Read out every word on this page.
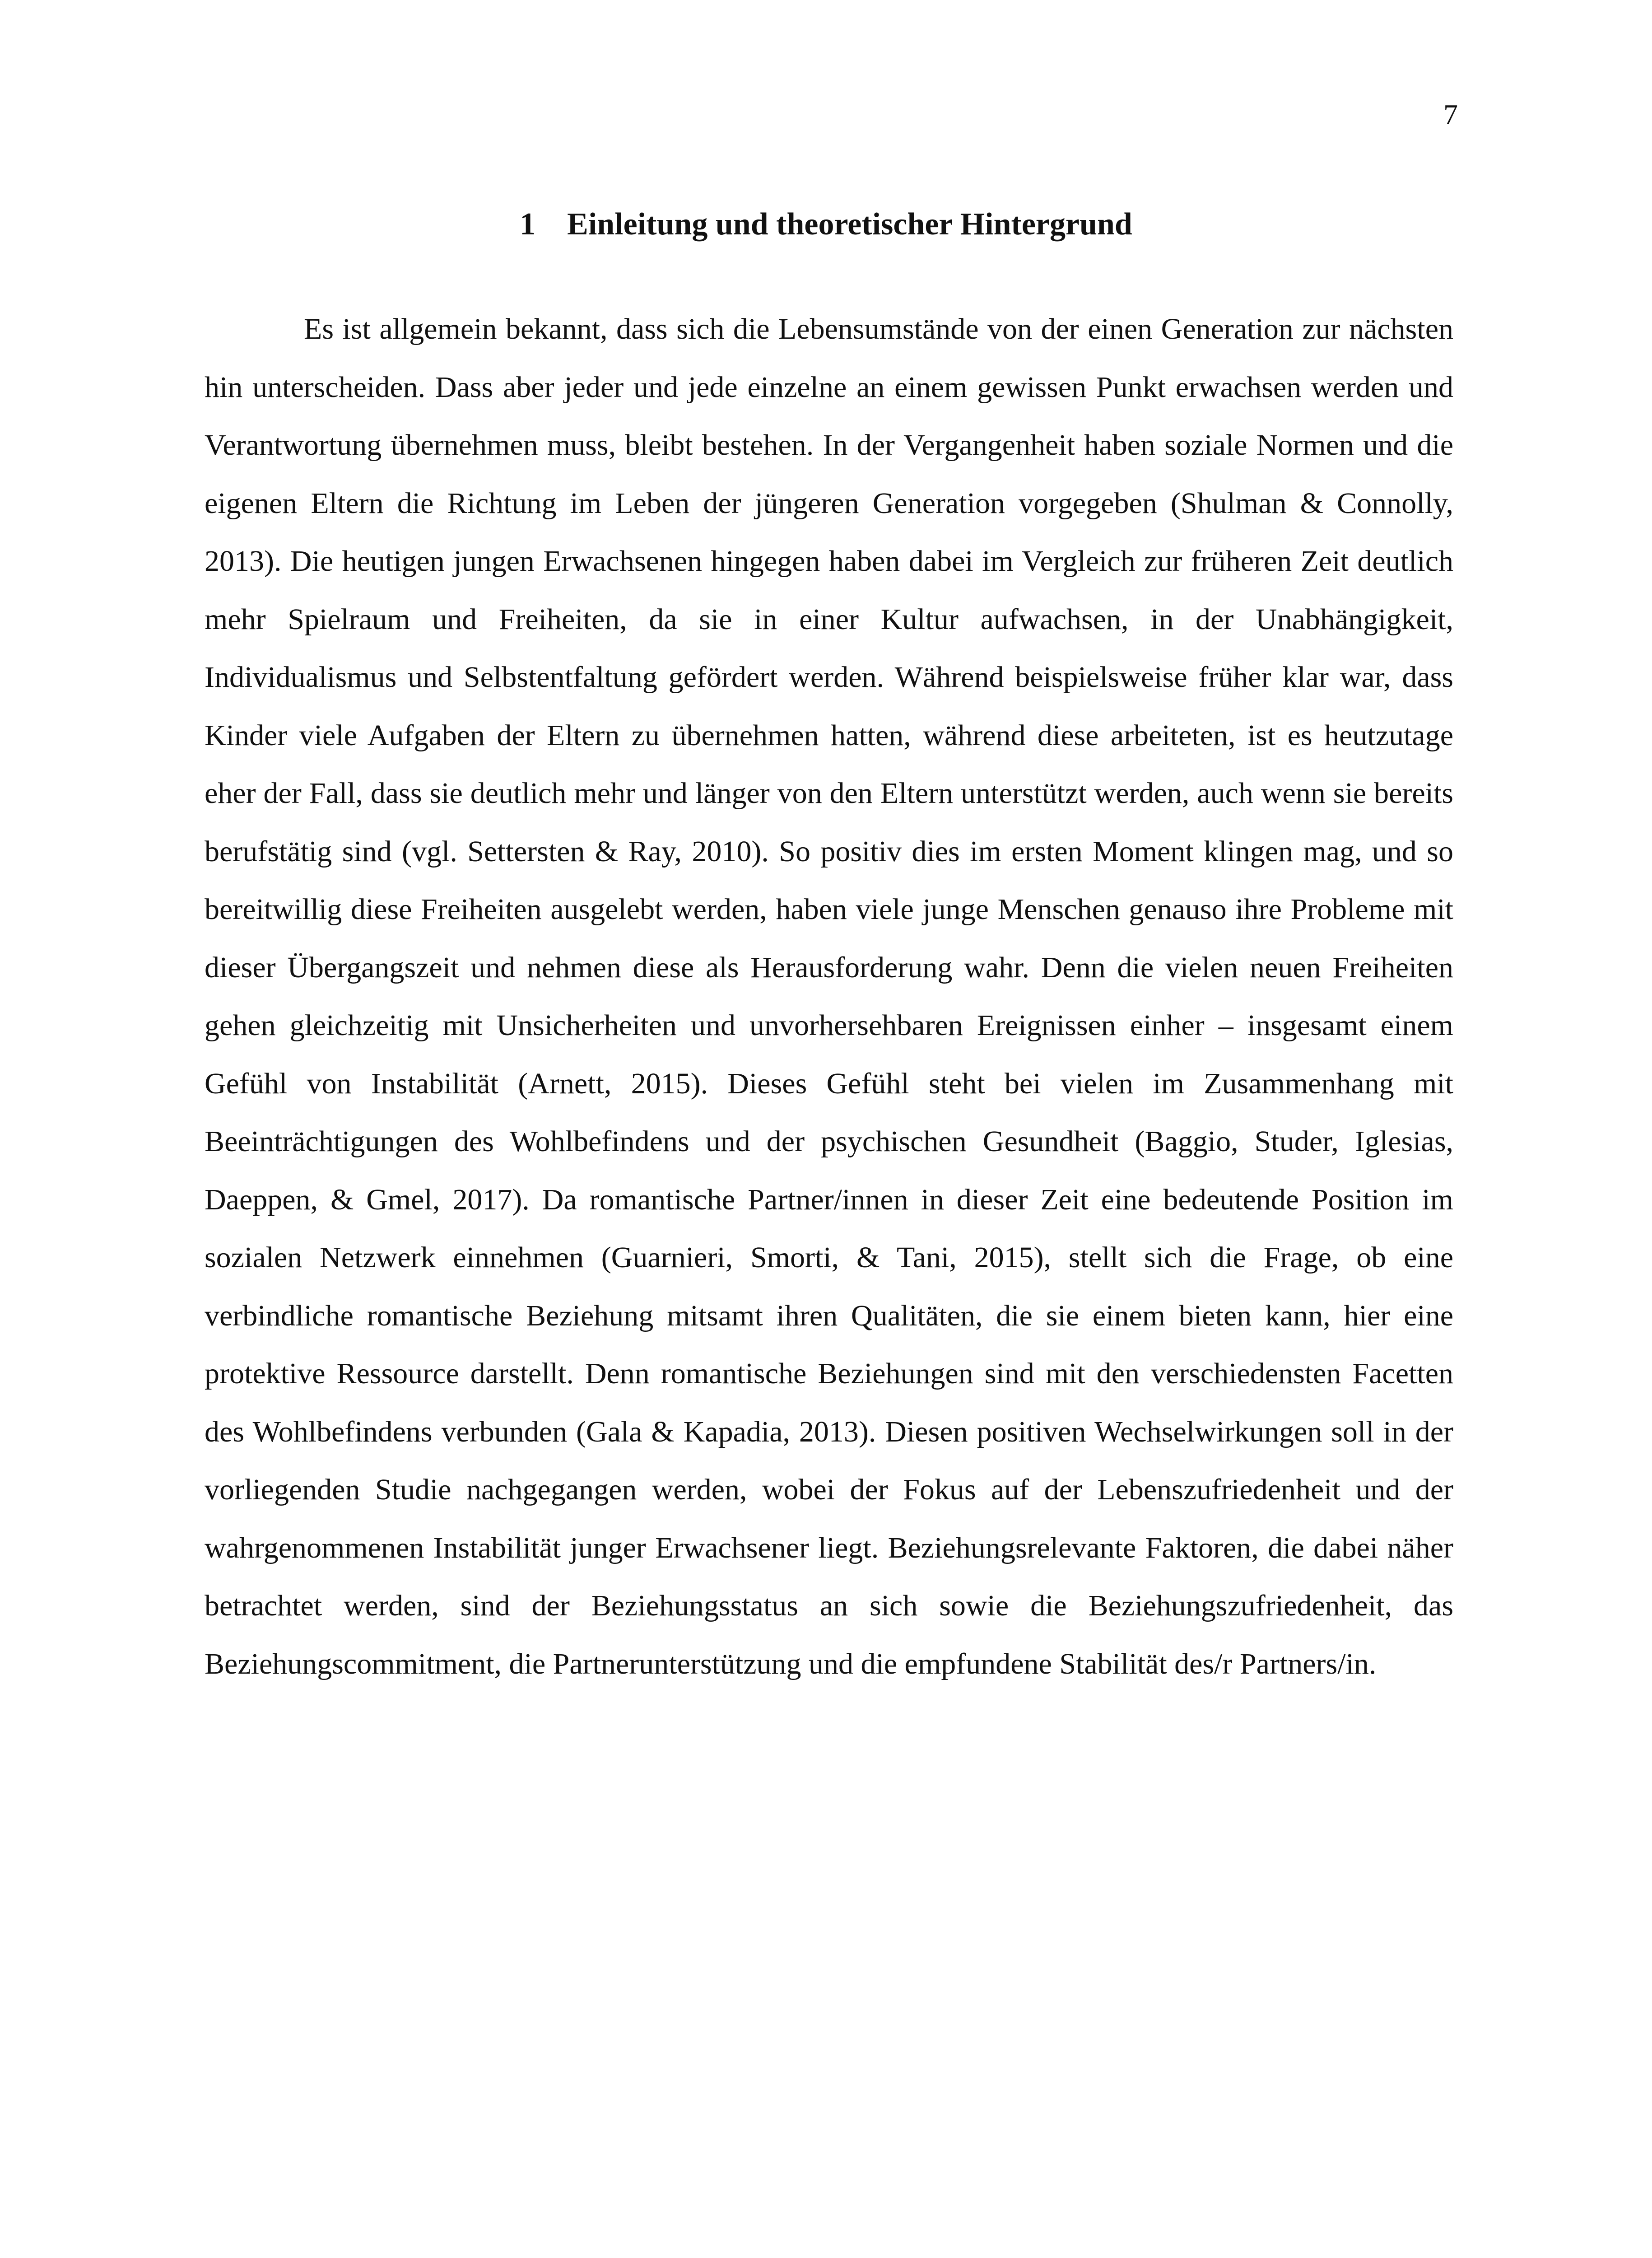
7
1 Einleitung und theoretischer Hintergrund

Es ist allgemein bekannt, dass sich die Lebensumstände von der einen Generation zur nächsten hin unterscheiden. Dass aber jeder und jede einzelne an einem gewissen Punkt erwachsen werden und Verantwortung übernehmen muss, bleibt bestehen. In der Vergangenheit haben soziale Normen und die eigenen Eltern die Richtung im Leben der jüngeren Generation vorgegeben (Shulman & Connolly, 2013). Die heutigen jungen Erwachsenen hingegen haben dabei im Vergleich zur früheren Zeit deutlich mehr Spielraum und Freiheiten, da sie in einer Kultur aufwachsen, in der Unabhängigkeit, Individualismus und Selbstentfaltung gefördert werden. Während beispielsweise früher klar war, dass Kinder viele Aufgaben der Eltern zu übernehmen hatten, während diese arbeiteten, ist es heutzutage eher der Fall, dass sie deutlich mehr und länger von den Eltern unterstützt werden, auch wenn sie bereits berufstätig sind (vgl. Settersten & Ray, 2010). So positiv dies im ersten Moment klingen mag, und so bereitwillig diese Freiheiten ausgelebt werden, haben viele junge Menschen genauso ihre Probleme mit dieser Übergangszeit und nehmen diese als Herausforderung wahr. Denn die vielen neuen Freiheiten gehen gleichzeitig mit Unsicherheiten und unvorhersehbaren Ereignissen einher – insgesamt einem Gefühl von Instabilität (Arnett, 2015). Dieses Gefühl steht bei vielen im Zusammenhang mit Beeinträchtigungen des Wohlbefindens und der psychischen Gesundheit (Baggio, Studer, Iglesias, Daeppen, & Gmel, 2017). Da romantische Partner/innen in dieser Zeit eine bedeutende Position im sozialen Netzwerk einnehmen (Guarnieri, Smorti, & Tani, 2015), stellt sich die Frage, ob eine verbindliche romantische Beziehung mitsamt ihren Qualitäten, die sie einem bieten kann, hier eine protektive Ressource darstellt. Denn romantische Beziehungen sind mit den verschiedensten Facetten des Wohlbefindens verbunden (Gala & Kapadia, 2013). Diesen positiven Wechselwirkungen soll in der vorliegenden Studie nachgegangen werden, wobei der Fokus auf der Lebenszufriedenheit und der wahrgenommenen Instabilität junger Erwachsener liegt. Beziehungsrelevante Faktoren, die dabei näher betrachtet werden, sind der Beziehungsstatus an sich sowie die Beziehungszufriedenheit, das Beziehungscommitment, die Partnerunterstützung und die empfundene Stabilität des/r Partners/in.
